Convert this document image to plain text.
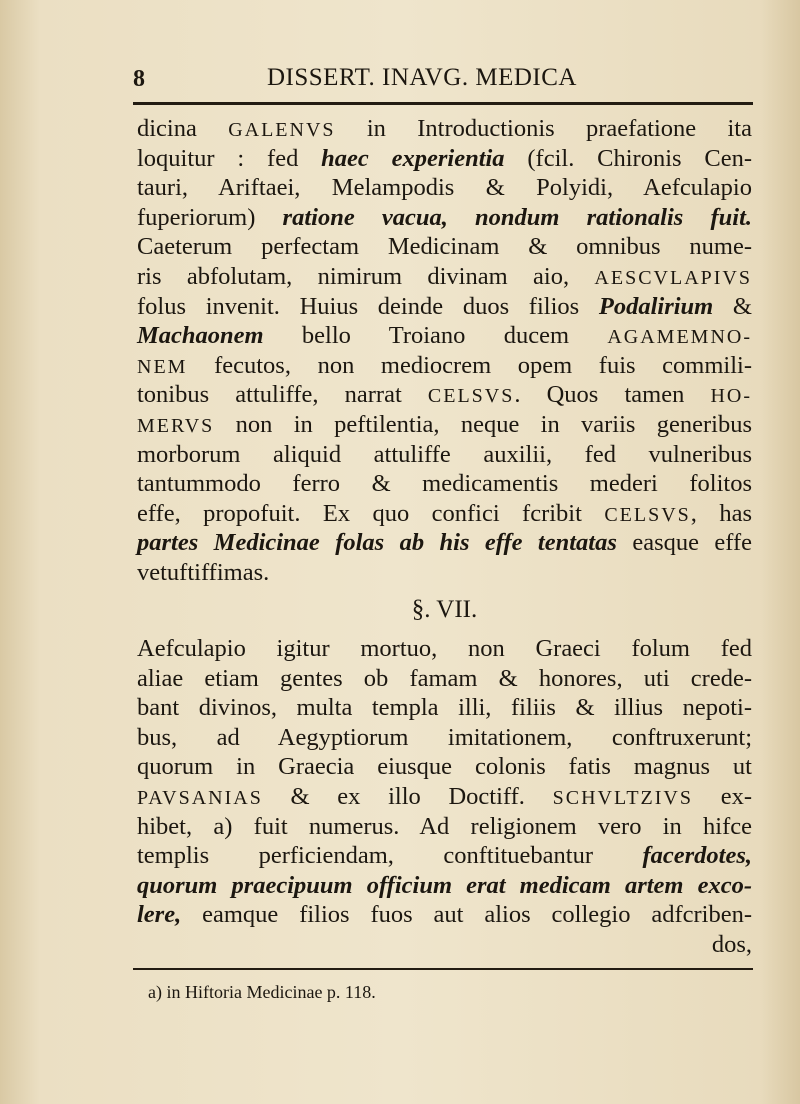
8	DISSERT. INAVG. MEDICA
dicina GALENVS in Introductionis praefatione ita
loquitur : fed haec experientia (fcil. Chironis Cen-
tauri, Ariftaei, Melampodis & Polyidi, Aefculapio
fuperiorum) ratione vacua, nondum rationalis fuit.
Caeterum perfectam Medicinam & omnibus nume-
ris abfolutam, nimirum divinam aio, AESCVLAPIVS
folus invenit. Huius deinde duos filios Podalirium &
Machaonem bello Troiano ducem AGAMEMNO-
NEM fecutos, non mediocrem opem fuis commili-
tonibus attuliffe, narrat CELSVS. Quos tamen HO-
MERVS non in peftilentia, neque in variis generibus
morborum aliquid attuliffe auxilii, fed vulneribus
tantummodo ferro & medicamentis mederi folitos
effe, propofuit. Ex quo confici fcribit CELSVS, has
partes Medicinae folas ab his effe tentatas easque effe
vetuftiffimas.
§. VII.
Aefculapio igitur mortuo, non Graeci folum fed
aliae etiam gentes ob famam & honores, uti crede-
bant divinos, multa templa illi, filiis & illius nepoti-
bus, ad Aegyptiorum imitationem, conftruxerunt;
quorum in Graecia eiusque colonis fatis magnus ut
PAVSANIAS & ex illo Doctiff. SCHVLTZIVS ex-
hibet, a) fuit numerus. Ad religionem vero in hifce
templis perficiendam, conftituebantur facerdotes,
quorum praecipuum officium erat medicam artem exco-
lere, eamque filios fuos aut alios collegio adfcriben-
dos,
a) in Hiftoria Medicinae p. 118.
